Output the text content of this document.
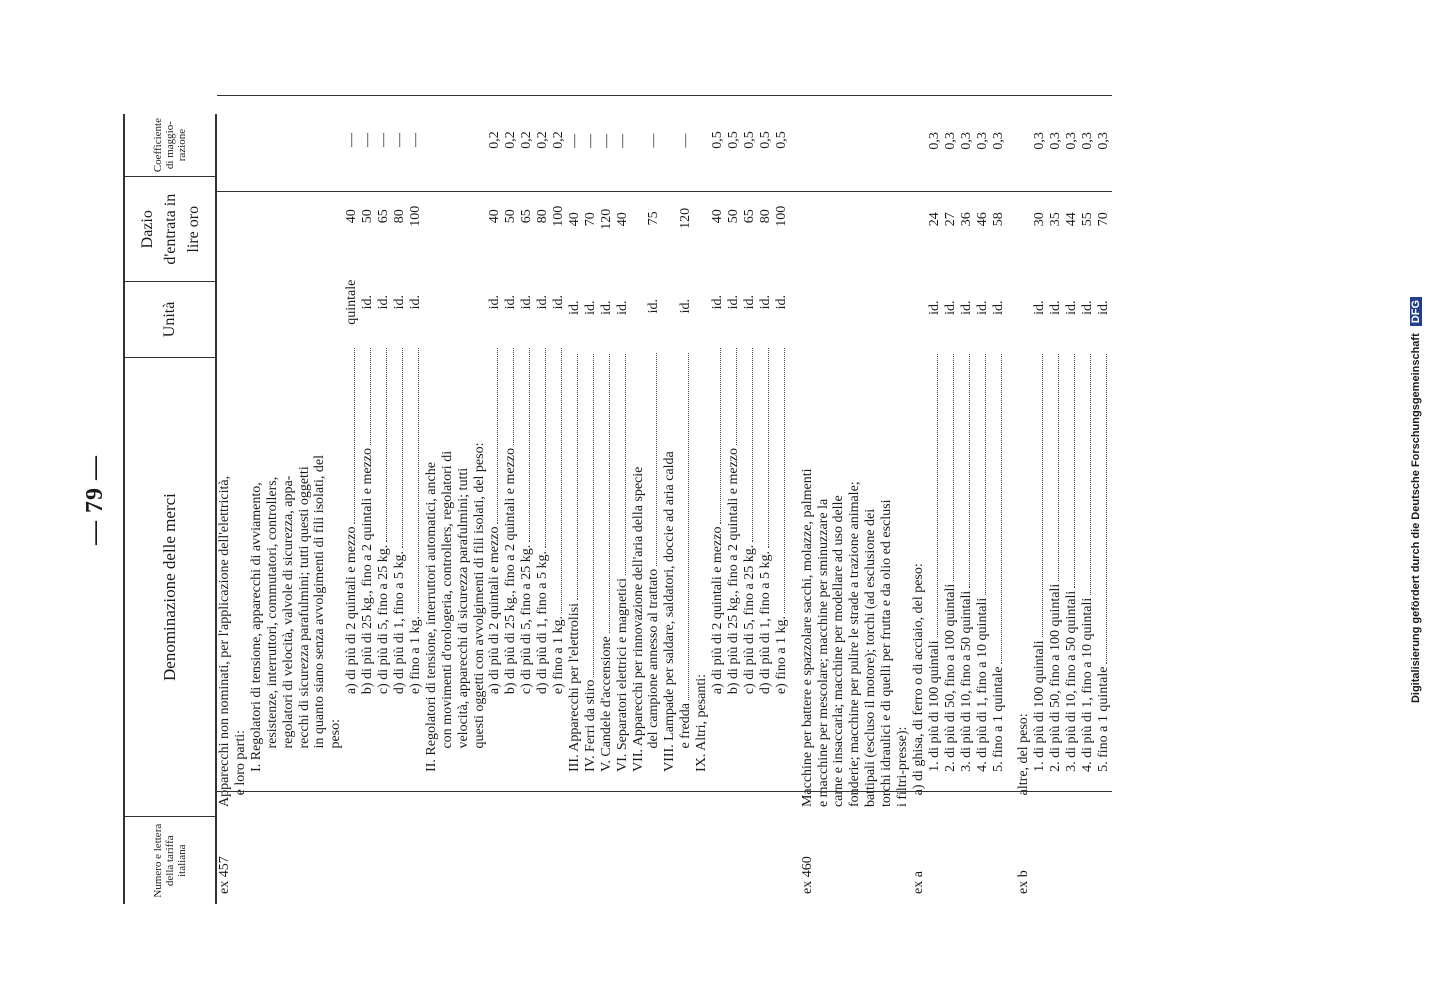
— 79 —
Numero e lettera della tariffa italiana
Denominazione delle merci
Unità
Dazio d'entrata in lire oro
Coefficiente di maggio- razione
ex 457
Apparecchi non nominati, per l'applicazione dell'elettricità, e loro parti: I. Regolatori di tensione, apparecchi di avviamento, resistenze, interruttori, commutatori, controllers, regolatori di velocità, valvole di sicurezza, appa- recchi di sicurezza parafulmini; tutti questi oggetti in quanto siano senza avvolgimenti di fili isolati, del peso:
a) di più di 2 quintali e mezzo
quintale
40
—
b) di più di 25 kg., fino a 2 quintali e mezzo
id.
50
—
c) di più di 5, fino a 25 kg.
id.
65
—
d) di più di 1, fino a 5 kg.
id.
80
—
e) fino a 1 kg.
id.
100
—
II. Regolatori di tensione, interruttori automatici, anche con movimenti d'orologeria, controllers, regolatori di velocità, apparecchi di sicurezza parafulmini; tutti questi oggetti con avvolgimenti di fili isolati, del peso: a) di più di 2 quintali e mezzo
id.
40
0,2
b) di più di 25 kg., fino a 2 quintali e mezzo
id.
50
0,2
c) di più di 5, fino a 25 kg.
id.
65
0,2
d) di più di 1, fino a 5 kg.
id.
80
0,2
e) fino a 1 kg.
id.
100
0,2
III. Apparecchi per l'elettrolisi
id.
40
—
IV. Ferri da stiro
id.
70
—
V. Candele d'accensione
id.
120
—
VI. Separatori elettrici e magnetici
id.
40
—
VII. Apparecchi per rinnovazione dell'aria della specie del campione annesso al trattato
id.
75
—
VIII. Lampade per saldare, saldatori, doccie ad aria calda e fredda
id.
120
—
IX. Altri, pesanti:
a) di più di 2 quintali e mezzo
id.
40
0,5
b) di più di 25 kg., fino a 2 quintali e mezzo
id.
50
0,5
c) di più di 5, fino a 25 kg.
id.
65
0,5
d) di più di 1, fino a 5 kg.
id.
80
0,5
e) fino a 1 kg.
id.
100
0,5
ex 460
Macchine per battere e spazzolare sacchi, molazze, palmenti e macchine per mescolare; macchine per sminuzzare la carne e insaccarla; macchine per modellare ad uso delle fonderie; macchine per pulire le strade a trazione animale; battipali (escluso il motore); torchi (ad esclusione dei torchi idraulici e di quelli per frutta e da olio ed esclusi i filtri-presse):
ex a
a) di ghisa, di ferro o di acciaio, del peso: 1. di più di 100 quintali
id.
24
0,3
2. di più di 50, fino a 100 quintali
id.
27
0,3
3. di più di 10, fino a 50 quintali
id.
36
0,3
4. di più di 1, fino a 10 quintali
id.
46
0,3
5. fino a 1 quintale
id.
58
0,3
ex b
altre, del peso: 1. di più di 100 quintali
id.
30
0,3
2. di più di 50, fino a 100 quintali
id.
35
0,3
3. di più di 10, fino a 50 quintali
id.
44
0,3
4. di più di 1, fino a 10 quintali
id.
55
0,3
5. fino a 1 quintale
id.
70
0,3
Digitalisierung gefördert durch die Deutsche Forschungsgemeinschaft DFG
